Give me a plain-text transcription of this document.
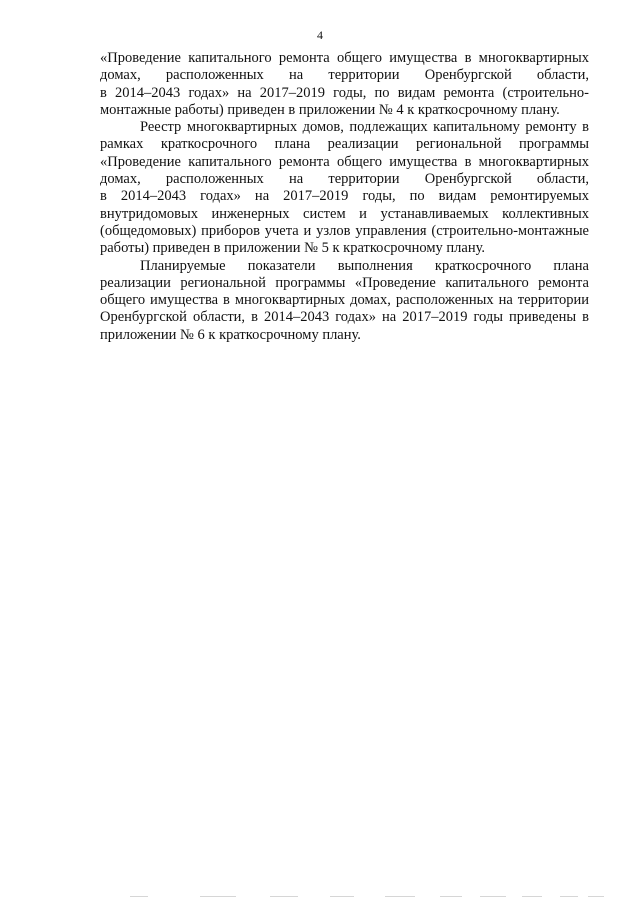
4
«Проведение капитального ремонта общего имущества в многоквартирных
домах, расположенных на территории Оренбургской области,
в 2014–2043 годах» на 2017–2019 годы, по видам ремонта (строительно-
монтажные работы) приведен в приложении № 4 к краткосрочному плану.
Реестр многоквартирных домов, подлежащих капитальному ремонту в
рамках краткосрочного плана реализации региональной программы
«Проведение капитального ремонта общего имущества в многоквартирных
домах, расположенных на территории Оренбургской области,
в 2014–2043 годах» на 2017–2019 годы, по видам ремонтируемых
внутридомовых инженерных систем и устанавливаемых коллективных
(общедомовых) приборов учета и узлов управления (строительно-монтажные
работы) приведен в приложении № 5 к краткосрочному плану.
Планируемые показатели выполнения краткосрочного плана
реализации региональной программы «Проведение капитального ремонта
общего имущества в многоквартирных домах, расположенных на территории
Оренбургской области, в 2014–2043 годах» на 2017–2019 годы приведены в
приложении № 6 к краткосрочному плану.
